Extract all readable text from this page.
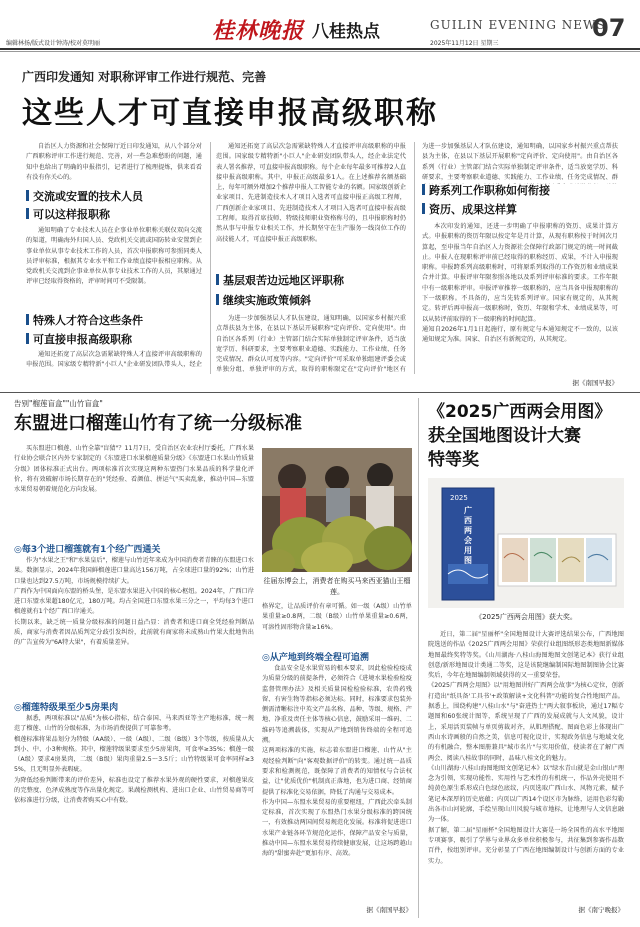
编辑林扬/版式设计钟涛/校对莫明丽	桂林晚报 八桂热点	GUILIN EVENING NEWS
2025年11月12日 星期三
07
广西印发通知 对职称评审工作进行规范、完善
这些人才可直接申报高级职称
自治区人力资源和社会保障厅近日印发通知，从八个部分对广西职称评审工作进行规范、完善，对一些急难愁盼的问题，通知中也给出了明确的申报指引，记者进行了梳理提炼，供来看看有没有你关心的。
交流或安置的技术人员
可以这样报职称
通知明确了专业技术人员在企事业单位职称关联仅双向交流的渠道，明确海外归国人员、党政机关交流或国防转业安置到企事业单位从事专业技术工作的人员，首次申报职称可参照同类人员评审标准，根据其专业水平和工作业绩直接申报相应职称。从党政机关交流到企事业单位从事专业技术工作的人员，其原通过评审已经取得资格的，评审时间可不受限制。
特殊人才符合这些条件
可直接申报高级职称
通知还拓宽了高层次急需紧缺特殊人才直接评审高级职称的申报范围。国家级专精特新"小巨人"企业研发团队带头人，经企
通知还拓宽了高层次急需紧缺特殊人才直接评审高级职称的申报范围。国家级专精特新"小巨人"企业研发团队带头人，经企业法定代表人署名推荐，可直接申报高级职称。每个企业每年最多可推荐2人直接申报高级职称。其中，申报正高级最多1人。在上述推荐名额基础上，每年可额外增加2个推荐申报人工智能专业的名额。国家级创新企业家项目、先进制造技术人才项目入选者可直接申报正高级工程师，广西创新企业家项目、先进制造技术人才项目入选者可直接申报高级工程师。取得首席技师、特级技师职业资格称号的，且申报职称时仍然从事与申报专业相关工作，并长期坚守在生产服务一线岗位工作的高技能人才，可直接申报正高级职称。
基层艰苦边远地区评职称
继续实施政策倾斜
为进一步加强基层人才队伍建设，通知明确，以国家乡村振兴重点帮扶县为主体，在县以下基层开展职称"定向评价、定向使用"。由自治区各系列（行业）主管部门结合实际单独制定评审条件，适当放宽学历、科研要求，主要考察职业道德、实践能力、工作业绩、任务完成情况、群众认可度等内容。"定向评价"可采取单独组建评委会或单独分组、单独评审的方式，取得的职称限定在"定向评价"地区有
为进一步加强基层人才队伍建设，通知明确，以国家乡村振兴重点帮扶县为主体，在县以下基层开展职称"定向评价、定向使用"。由自治区各系列（行业）主管部门结合实际单独制定评审条件，适当放宽学历、科研要求，主要考察职业道德、实践能力、工作业绩、任务完成情况、群
跨系列工作职称如何衔接
资历、成果这样算
本次印发的通知，还进一步明确了申报职称的资历、成果计算方式。申报职称的资历年限以按定年是月计算，从现有职称按于时间次月算起，至申报当年自治区人力资源社会保障行政部门规定的统一时间截止。申报人在现职称评审前已经取得的职称经历、成果，不计入申报现职称。申报跨系列高级职称时，可将原系列取得的工作资历和业绩成果合并计算。申报评审年限参照各地以及系列评审标准的要求。工作年限中有一级职称评审。申报评审推荐一级职称的，应当具备申报现职称的下一级职称。不具备的，应当先转系列评审。国家有规定的，从其规定。转评后再申报高一级职称时，资历、年限和学术、业绩成果等，可以从转评前取得的下一级职称的时间起算。
通知自2026年1月1日起施行，原有规定与本通知规定不一致的，以该通知规定为准。国家、自治区有新规定的，从其规定。
据《南国早报》
告别"榴莲盲盒""山竹盲盒"
东盟进口榴莲山竹有了统一分级标准
买东盟进口榴莲、山竹全靠"盲猜"？11月7日，受自治区农业农村厅委托，广西水果行业协会联合区内外专家制定的《东盟进口水果榴莲质量分级》《东盟进口水果山竹质量分级》团体标准正式出台。两项标准首次实现这两种东盟热门水果品质的科学量化评价，将有效破解市场长期存在的"凭经验、看颜值、拼运气"买卖乱象，推动中国—东盟水果贸易朝着规范化方向发展。
◎每3个进口榴莲就有1个经广西通关
作为"水果之王"和"水果皇后"，榴莲与山竹近年来成为中国消费者青睐的东盟进口水果。数据显示，2024年我国鲜榴莲进口量高达156万吨，占全球进口量的92%；山竹进口量也达到27.5万吨，市场规模持续扩大。
广西作为中国面向东盟的桥头堡，是东盟水果进入中国的核心枢纽。2024年，广西口岸进口东盟水果超180亿元，180万吨。均占全国进口东盟水果三分之一，平均每3个进口榴莲就有1个经广西口岸通关。
长期以来，缺乏统一质量分级标准的问题日益凸显：消费者和进口商全凭经验判断品质，商家与消费者因品质判定分歧引发纠纷，此前就有商家将未成熟山竹果大批地售出的广告宣传为"6A特大果"，有着质量差异。
◎榴莲特级果至少5房果肉
据悉，两项标准以"品质"为核心指标，结合泰国、马来西亚等主产地标准，统一规范了榴莲、山竹的分级标准，为市场消费提供了可靠参考。
榴莲标准将果品划分为特级（AA级）、一级（A级）、二级（B级）3个等级，按质量从大到小、中、小3种规格。其中，榴莲特级果要求至少5房果肉，可食率≥35%；榴莲一级（A级）要求4房果肉，二级（B级）果肉重量2.5～3.5斤；山竹特级果可食率同样≥35%，且无明显外表瑕疵。
为降低经验判断带来的评价差异，标准也设定了推荐水果外观的硬性要求，对榴莲果皮的完整度、色泽成熟度等作出量化规定。果蔬检测机构、进出口企业、山竹贸易商等可依标准进行分级，让消费者购买心中有数。
往届东博会上，消费者在购买马来西亚猫山王榴莲。
格界定，让品质评价有章可循。如一级（A级）山竹单果重量≥0.8两，二级（B级）山竹单果重量≥0.6两，可溶性固形物含量≥16%。
◎从产地到终端全程可追溯
食品安全是水果贸易的根本要求，因此检验检疫成为质量分级的前提条件，必须符合《进境水果检验检疫监督管理办法》及相关质量国检检验标准，农兽药残留、有害生物等指标必须达标。同时，标准要求包装外侧需清晰标注中英文产品名称、品种、等级、规格、产地、净重及责任主体等核心信息，鼓励采用一维码、二维码等追溯载体，实现从产地到销售终端的全程可追溯。
这两项标准的实施，标志着东盟进口榴莲、山竹从"主观经验判断"向"客观数据评价"的转变。通过统一品质要求和检测规范，既保障了消费者的知情权与合法权益，让"优质优价"机制真正落地，也为进口商、经销商提供了标准化交易依据，降低了沟通与交易成本。
作为中国—东盟水果贸易的重要枢纽，广西此次牵头制定标准，首次实现了东盟热门水果分级标准的跨国统一，有效推动两国间贸易规范化发展。标准将促进进口水果产业链各环节规范化运作，保障产品安全与质量，推动中国—东盟水果贸易持续健康发展，让这场跨越山海的"甜蜜奔赴"更加有序、高效。
据《南国早报》
《2025广西两会用图》
获全国地图设计大赛
特等奖
2025
广西两会用图
《2025广西两会用图》获大奖。
近日，第二届"星丽杯"全国地图设计大赛评选结果公布，广西地图院选送的作品《2025广西两会用图》荣获行业组图纸形态类地图新媒体地图最终奖特等奖。《山川湖海·八桂山海图地图文创笔记本》获行业组创意/新形地图设计类通二等奖，这是该院继编制国际地图制图协会比赛奖后，今年在地图编制领域获得的又一重要荣誉。
《2025广西两会用图》以"用地图讲好广西两会故事"为核心定位，创新打造出"纸具备'工具书'+政策解读+文化科普"功能的复合性地图产品。据悉上，围绕构建"八桂山水"与"奋进热土"两大叙事板块，通过17幅专题图和60张统计图等，系统呈现了广西的发展成就与人文风貌，设计上，采用活页装帧与单页剪裁对齐，从肌理搭配、图面色彩上体现出广西山水诗画般的自然之美，信息可视化设计，实现政务信息与地域文化的有机融合，整本图册兼具"城市名片"与实用价值，使读者在了解广西两会、阅读八桂故事的同时，品味八桂文化的魅力。
《山川湖海·八桂山海图地图文创笔记本》以"绿水青山就是金山银山"理念为引领，实现功能性、实用性与艺术性的有机统一，作品外壳使用不纯黄色原生系形成白色绿色底纹，内页选取广西山水、风物元素，赋予笔记本深厚的历史底蕴；内页以广西14个设区市为脉络，运用色彩勾勒出各市山河轮廓，手绘呈现山川风貌与城市地标，让地理与人文信息融为一体。
据了解，第二届"星丽杯"全国地图设计大赛是一场全国性的高水平地图专项赛事，吸引了学界与业界众多单位积极参与，共征集到参赛作品数百件，按组别评审。充分彰显了广西在地图编制设计与创新方面的专业实力。
据《南宁晚报》
